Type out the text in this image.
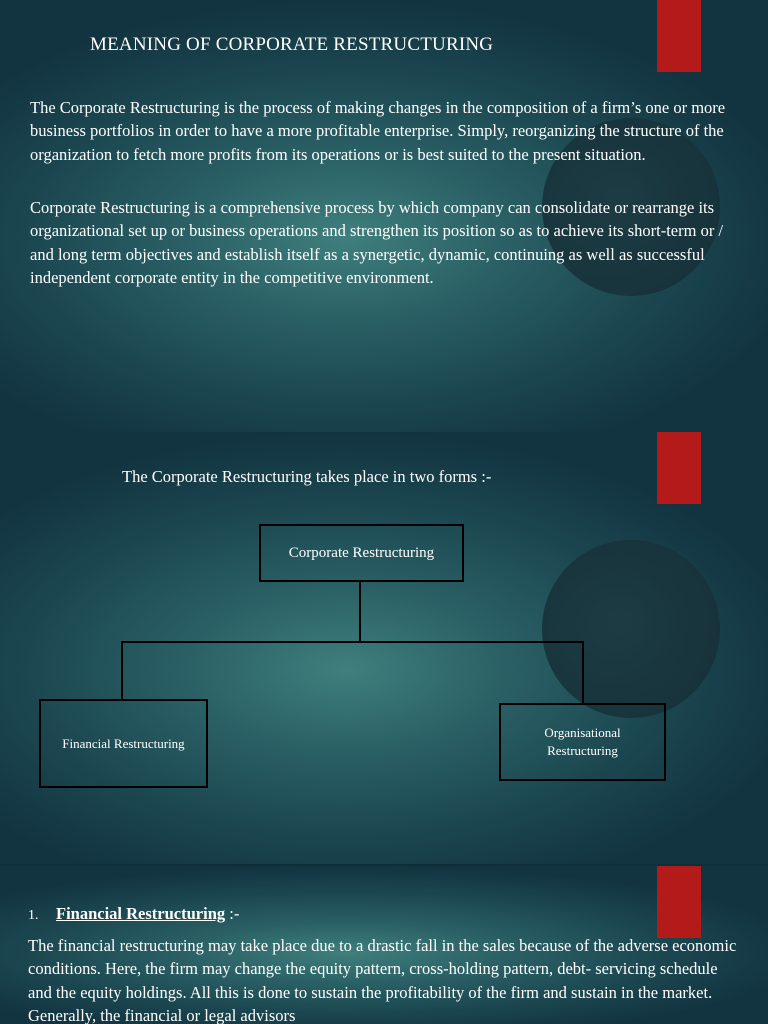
MEANING OF CORPORATE RESTRUCTURING

The Corporate Restructuring is the process of making changes in the composition of a firm’s one or more business portfolios in order to have a more profitable enterprise. Simply, reorganizing the structure of the organization to fetch more profits from its operations or is best suited to the present situation.

Corporate Restructuring is a comprehensive process by which company can consolidate or rearrange its organizational set up or business operations and strengthen its position so as to achieve its short-term or / and long term objectives and establish itself as a synergetic, dynamic, continuing as well as successful independent corporate entity in the competitive environment.

The Corporate Restructuring takes place in two forms :-

Corporate Restructuring
Financial Restructuring
Organisational
Restructuring

1. Financial Restructuring :-

The financial restructuring may take place due to a drastic fall in the sales because of the adverse economic conditions. Here, the firm may change the equity pattern, cross-holding pattern, debt- servicing schedule and the equity holdings. All this is done to sustain the profitability of the firm and sustain in the market. Generally, the financial or legal advisors
